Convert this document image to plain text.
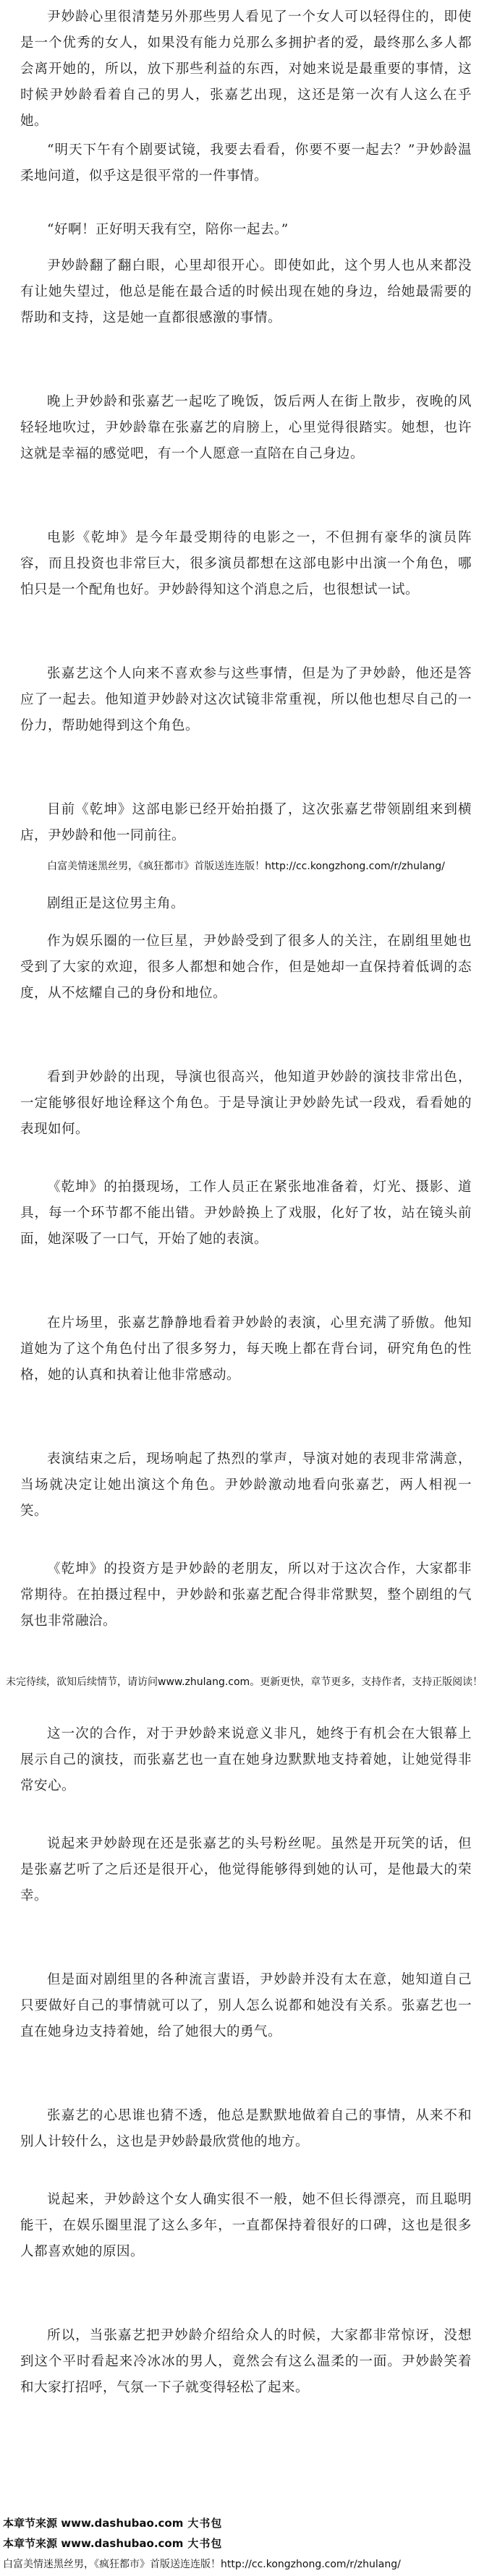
尹妙龄心里很清楚另外那些男人看见了一个女人可以轻得住的，即使是一个优秀的女人，如果没有能力兑那么多拥护者的爱，最终那么多人都会离开她的，所以，放下那些利益的东西，对她来说是最重要的事情，这时候尹妙龄看着自己的男人，张嘉艺出现，这还是第一次有人这么在乎她。

“明天下午有个剧要试镜，我要去看看，你要不要一起去？”尹妙龄温柔地问道，似乎这是很平常的一件事情。

“好啊！正好明天我有空，陪你一起去。”

尹妙龄翻了翻白眼，心里却很开心。即使如此，这个男人也从来都没有让她失望过，他总是能在最合适的时候出现在她的身边，给她最需要的帮助和支持，这是她一直都很感激的事情。

晚上尹妙龄和张嘉艺一起吃了晚饭，饭后两人在街上散步，夜晚的风轻轻地吹过，尹妙龄靠在张嘉艺的肩膀上，心里觉得很踏实。她想，也许这就是幸福的感觉吧，有一个人愿意一直陪在自己身边。

电影《乾坤》是今年最受期待的电影之一，不但拥有豪华的演员阵容，而且投资也非常巨大，很多演员都想在这部电影中出演一个角色，哪怕只是一个配角也好。尹妙龄得知这个消息之后，也很想试一试。

张嘉艺这个人向来不喜欢参与这些事情，但是为了尹妙龄，他还是答应了一起去。他知道尹妙龄对这次试镜非常重视，所以他也想尽自己的一份力，帮助她得到这个角色。

目前《乾坤》这部电影已经开始拍摄了，这次张嘉艺带领剧组来到横店，尹妙龄和他一同前往。

白富美情迷黑丝男，《疯狂都市》首版送连连版！http://cc.kongzhong.com/r/zhulang/

剧组正是这位男主角。

作为娱乐圈的一位巨星，尹妙龄受到了很多人的关注，在剧组里她也受到了大家的欢迎，很多人都想和她合作，但是她却一直保持着低调的态度，从不炫耀自己的身份和地位。

看到尹妙龄的出现，导演也很高兴，他知道尹妙龄的演技非常出色，一定能够很好地诠释这个角色。于是导演让尹妙龄先试一段戏，看看她的表现如何。

《乾坤》的拍摄现场，工作人员正在紧张地准备着，灯光、摄影、道具，每一个环节都不能出错。尹妙龄换上了戏服，化好了妆，站在镜头前面，她深吸了一口气，开始了她的表演。

在片场里，张嘉艺静静地看着尹妙龄的表演，心里充满了骄傲。他知道她为了这个角色付出了很多努力，每天晚上都在背台词，研究角色的性格，她的认真和执着让他非常感动。

表演结束之后，现场响起了热烈的掌声，导演对她的表现非常满意，当场就决定让她出演这个角色。尹妙龄激动地看向张嘉艺，两人相视一笑。

《乾坤》的投资方是尹妙龄的老朋友，所以对于这次合作，大家都非常期待。在拍摄过程中，尹妙龄和张嘉艺配合得非常默契，整个剧组的气氛也非常融洽。

未完待续，欲知后续情节，请访问www.zhulang.com。更新更快，章节更多，支持作者，支持正版阅读！

这一次的合作，对于尹妙龄来说意义非凡，她终于有机会在大银幕上展示自己的演技，而张嘉艺也一直在她身边默默地支持着她，让她觉得非常安心。

说起来尹妙龄现在还是张嘉艺的头号粉丝呢。虽然是开玩笑的话，但是张嘉艺听了之后还是很开心，他觉得能够得到她的认可，是他最大的荣幸。

但是面对剧组里的各种流言蜚语，尹妙龄并没有太在意，她知道自己只要做好自己的事情就可以了，别人怎么说都和她没有关系。张嘉艺也一直在她身边支持着她，给了她很大的勇气。

张嘉艺的心思谁也猜不透，他总是默默地做着自己的事情，从来不和别人计较什么，这也是尹妙龄最欣赏他的地方。

说起来，尹妙龄这个女人确实很不一般，她不但长得漂亮，而且聪明能干，在娱乐圈里混了这么多年，一直都保持着很好的口碑，这也是很多人都喜欢她的原因。

所以，当张嘉艺把尹妙龄介绍给众人的时候，大家都非常惊讶，没想到这个平时看起来冷冰冰的男人，竟然会有这么温柔的一面。尹妙龄笑着和大家打招呼，气氛一下子就变得轻松了起来。

本章节来源 www.dashubao.com 大书包
本章节来源 www.dashubao.com 大书包
白富美情迷黑丝男，《疯狂都市》首版送连连版！http://cc.kongzhong.com/r/zhulang/
